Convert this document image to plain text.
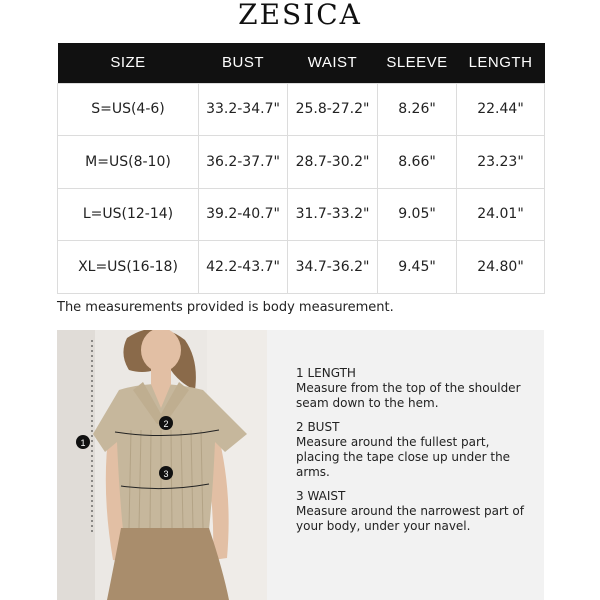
ZESICA
SIZE	BUST	WAIST	SLEEVE	LENGTH
S=US(4-6)	33.2-34.7"	25.8-27.2"	8.26"	22.44"
M=US(8-10)	36.2-37.7"	28.7-30.2"	8.66"	23.23"
L=US(12-14)	39.2-40.7"	31.7-33.2"	9.05"	24.01"
XL=US(16-18)	42.2-43.7"	34.7-36.2"	9.45"	24.80"
The measurements provided is body measurement.
1
2
3
1 LENGTH
Measure from the top of the shoulder seam down to the hem.
2 BUST
Measure around the fullest part, placing the tape close up under the arms.
3 WAIST
Measure around the narrowest part of your body, under your navel.
